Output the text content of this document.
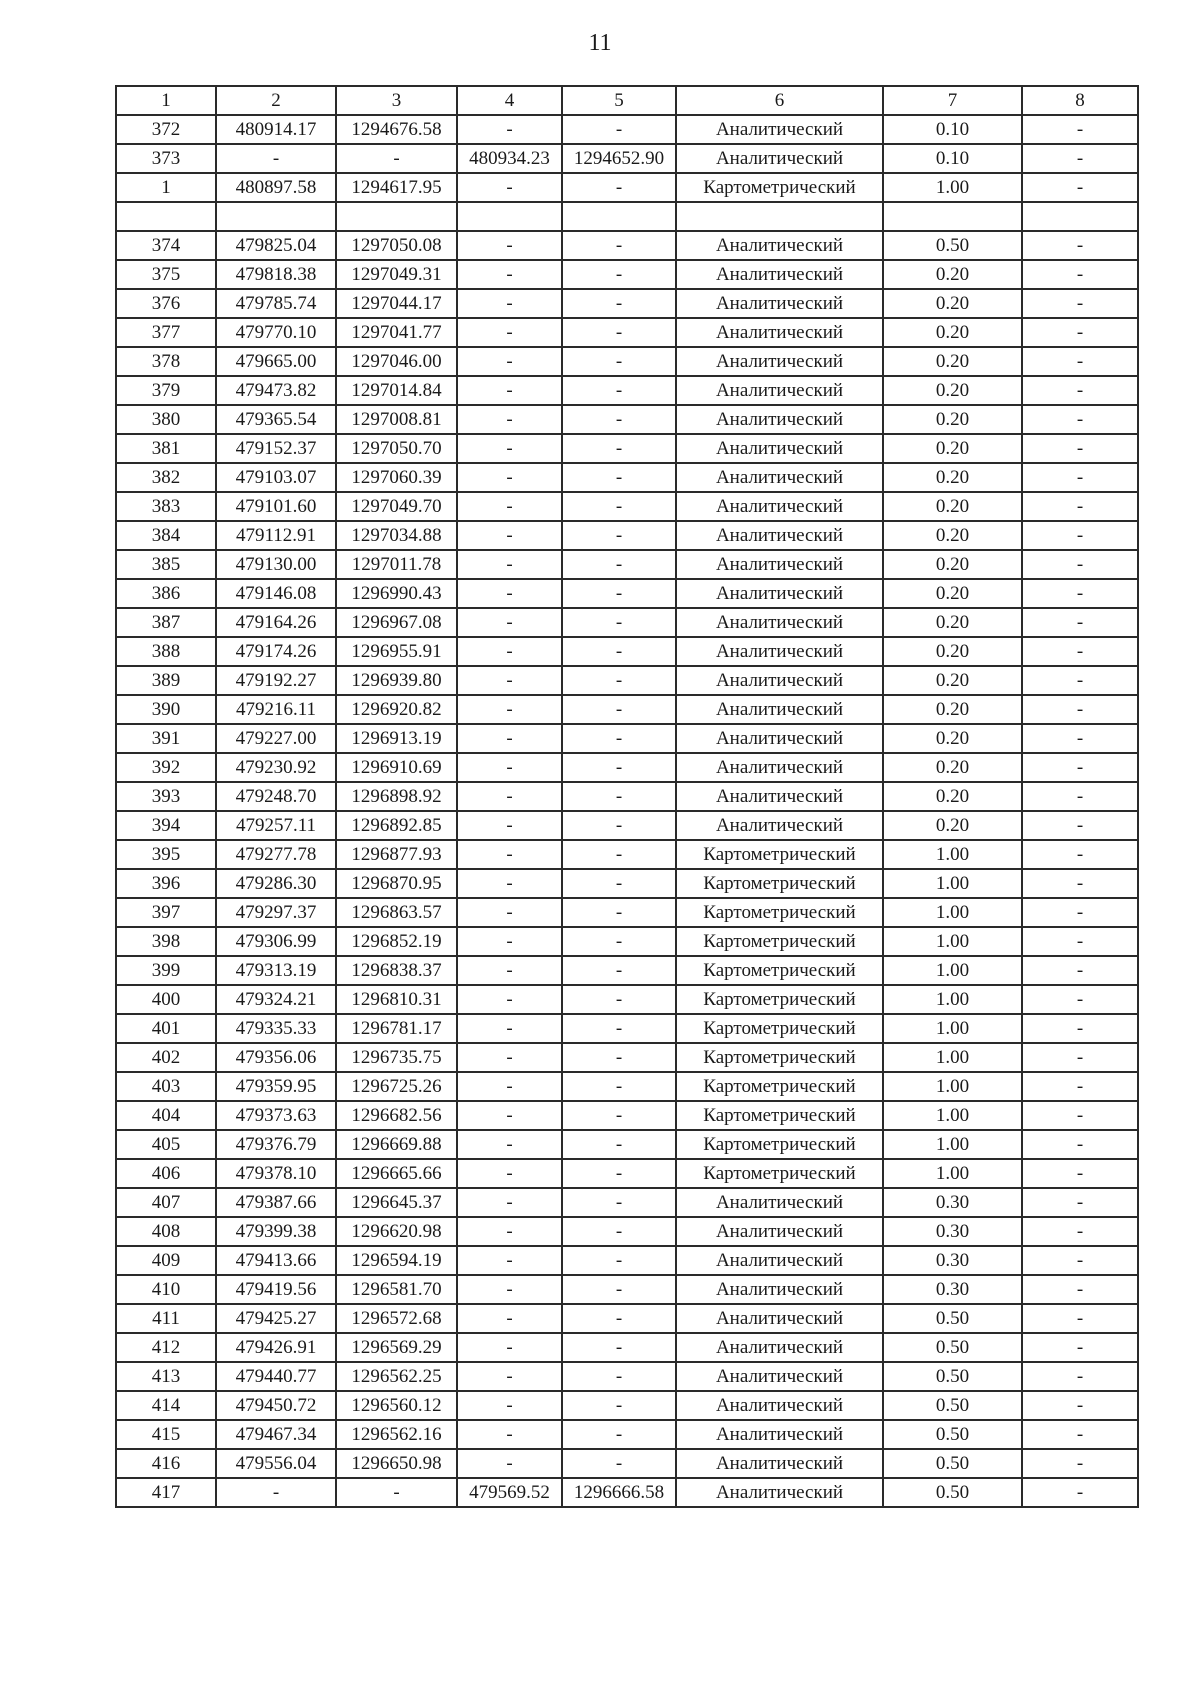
11
1	2	3	4	5	6	7	8
372	480914.17	1294676.58	-	-	Аналитический	0.10	-
373	-	-	480934.23	1294652.90	Аналитический	0.10	-
1	480897.58	1294617.95	-	-	Картометрический	1.00	-

374	479825.04	1297050.08	-	-	Аналитический	0.50	-
375	479818.38	1297049.31	-	-	Аналитический	0.20	-
376	479785.74	1297044.17	-	-	Аналитический	0.20	-
377	479770.10	1297041.77	-	-	Аналитический	0.20	-
378	479665.00	1297046.00	-	-	Аналитический	0.20	-
379	479473.82	1297014.84	-	-	Аналитический	0.20	-
380	479365.54	1297008.81	-	-	Аналитический	0.20	-
381	479152.37	1297050.70	-	-	Аналитический	0.20	-
382	479103.07	1297060.39	-	-	Аналитический	0.20	-
383	479101.60	1297049.70	-	-	Аналитический	0.20	-
384	479112.91	1297034.88	-	-	Аналитический	0.20	-
385	479130.00	1297011.78	-	-	Аналитический	0.20	-
386	479146.08	1296990.43	-	-	Аналитический	0.20	-
387	479164.26	1296967.08	-	-	Аналитический	0.20	-
388	479174.26	1296955.91	-	-	Аналитический	0.20	-
389	479192.27	1296939.80	-	-	Аналитический	0.20	-
390	479216.11	1296920.82	-	-	Аналитический	0.20	-
391	479227.00	1296913.19	-	-	Аналитический	0.20	-
392	479230.92	1296910.69	-	-	Аналитический	0.20	-
393	479248.70	1296898.92	-	-	Аналитический	0.20	-
394	479257.11	1296892.85	-	-	Аналитический	0.20	-
395	479277.78	1296877.93	-	-	Картометрический	1.00	-
396	479286.30	1296870.95	-	-	Картометрический	1.00	-
397	479297.37	1296863.57	-	-	Картометрический	1.00	-
398	479306.99	1296852.19	-	-	Картометрический	1.00	-
399	479313.19	1296838.37	-	-	Картометрический	1.00	-
400	479324.21	1296810.31	-	-	Картометрический	1.00	-
401	479335.33	1296781.17	-	-	Картометрический	1.00	-
402	479356.06	1296735.75	-	-	Картометрический	1.00	-
403	479359.95	1296725.26	-	-	Картометрический	1.00	-
404	479373.63	1296682.56	-	-	Картометрический	1.00	-
405	479376.79	1296669.88	-	-	Картометрический	1.00	-
406	479378.10	1296665.66	-	-	Картометрический	1.00	-
407	479387.66	1296645.37	-	-	Аналитический	0.30	-
408	479399.38	1296620.98	-	-	Аналитический	0.30	-
409	479413.66	1296594.19	-	-	Аналитический	0.30	-
410	479419.56	1296581.70	-	-	Аналитический	0.30	-
411	479425.27	1296572.68	-	-	Аналитический	0.50	-
412	479426.91	1296569.29	-	-	Аналитический	0.50	-
413	479440.77	1296562.25	-	-	Аналитический	0.50	-
414	479450.72	1296560.12	-	-	Аналитический	0.50	-
415	479467.34	1296562.16	-	-	Аналитический	0.50	-
416	479556.04	1296650.98	-	-	Аналитический	0.50	-
417	-	-	479569.52	1296666.58	Аналитический	0.50	-
